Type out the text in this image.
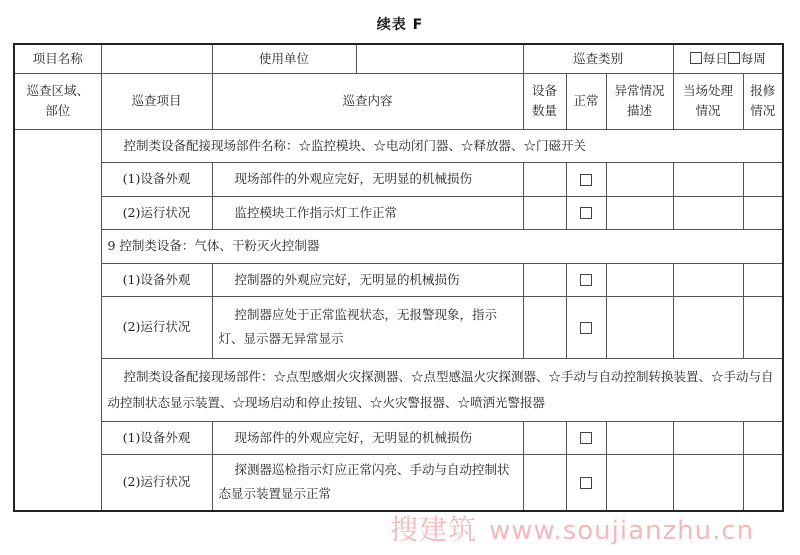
续表 F
项目名称		使用单位		巡查类别			每日 每周	
巡查区域、部位	巡查项目	巡查内容		设备数量	正常	异常情况描述	当场处理情况	报修情况
	控制类设备配接现场部件名称：☆监控模块、☆电动闭门器、☆释放器、☆门磁开关							
	(1)设备外观	现场部件的外观应完好，无明显的机械损伤						
	(2)运行状况	监控模块工作指示灯工作正常						
	9 控制类设备：气体、干粉灭火控制器							
	(1)设备外观	控制器的外观应完好，无明显的机械损伤						
	(2)运行状况	控制器应处于正常监视状态，无报警现象，指示灯、显示器无异常显示						
	控制类设备配接现场部件：☆点型感烟火灾探测器、☆点型感温火灾探测器、☆手动与自动控制转换装置、☆手动与自动控制状态显示装置、☆现场启动和停止按钮、☆火灾警报器、☆喷洒光警报器							
	(1)设备外观	现场部件的外观应完好，无明显的机械损伤						
	(2)运行状况	探测器巡检指示灯应正常闪亮、手动与自动控制状态显示装置显示正常						
搜建筑 www.soujianzhu.cn
